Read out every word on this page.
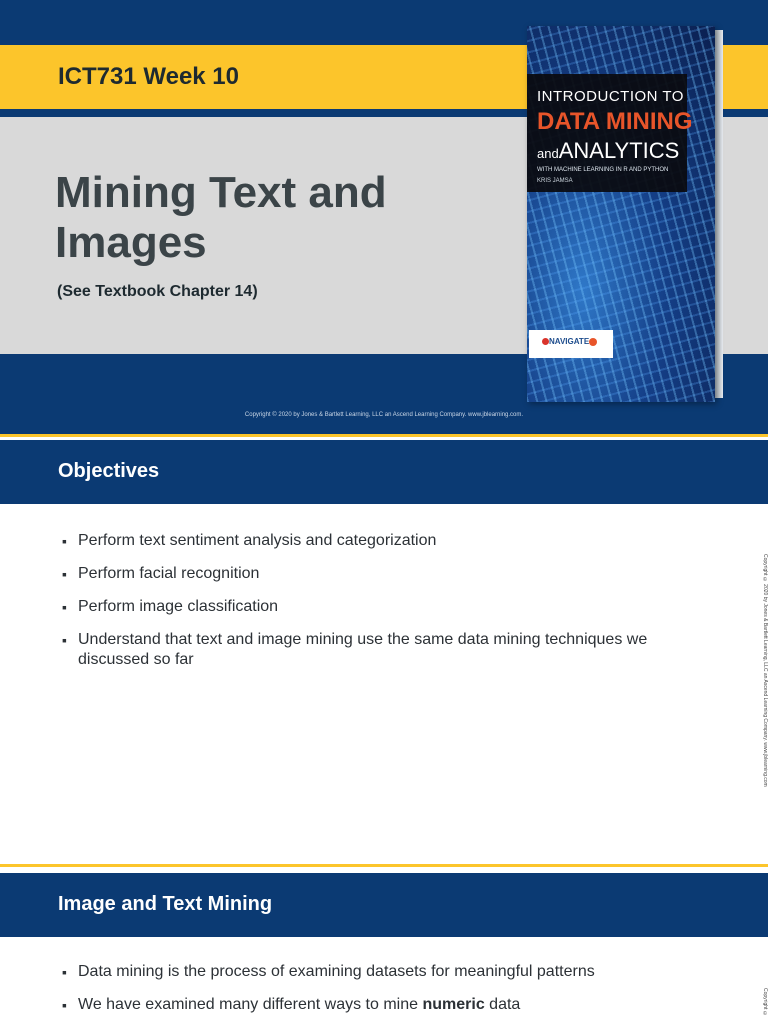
ICT731 Week 10
Mining Text and Images
(See Textbook Chapter 14)
Copyright © 2020 by Jones & Bartlett Learning, LLC an Ascend Learning Company. www.jblearning.com.
INTRODUCTION TO
DATA MINING
andANALYTICS
WITH MACHINE LEARNING IN R AND PYTHON
KRIS JAMSA
NAVIGATE
Objectives
▪ Perform text sentiment analysis and categorization
▪ Perform facial recognition
▪ Perform image classification
▪ Understand that text and image mining use the same data mining techniques we discussed so far	Copyright © 2020 by Jones & Bartlett Learning, LLC an Ascend Learning Company. www.jblearning.com
Image and Text Mining
▪ Data mining is the process of examining datasets for meaningful patterns
▪ We have examined many different ways to mine numeric data	Copyright ©
